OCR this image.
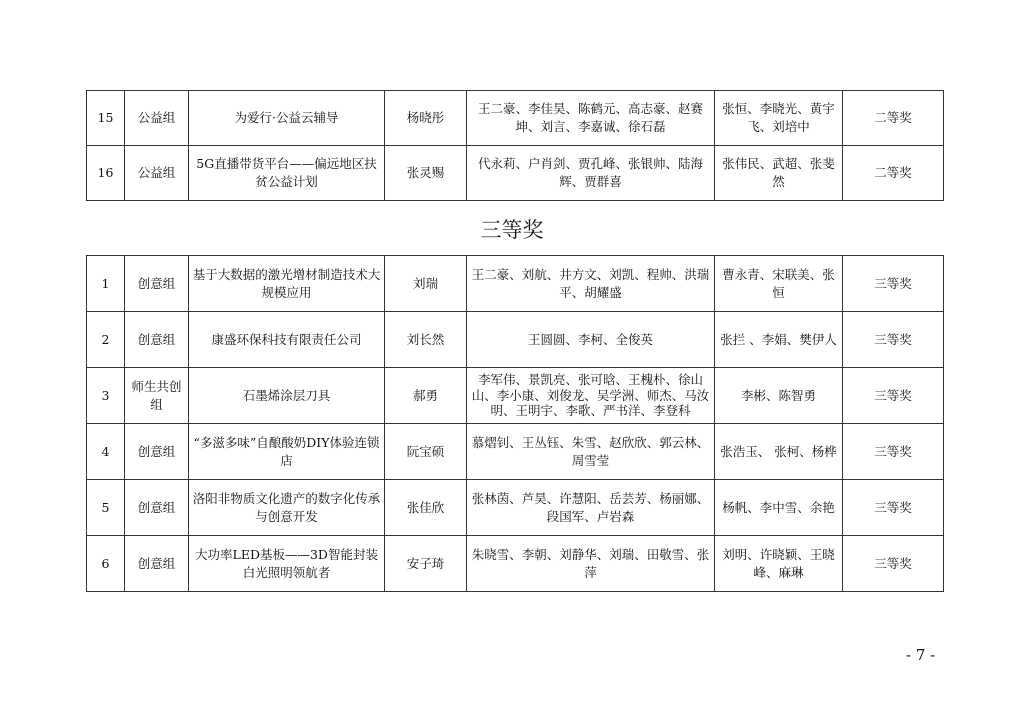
15	公益组	为爱行·公益云辅导	杨晓彤	王二豪、李佳昊、陈鹤元、高志豪、赵赛坤、刘言、李嘉诚、徐石磊	张恒、李晓光、黄宇飞、刘培中	二等奖
16	公益组	5G直播带货平台——偏远地区扶贫公益计划	张灵赐	代永莉、户肖剑、贾孔峰、张银帅、陆海辉、贾群喜	张伟民、武超、张斐然	二等奖
三等奖
1	创意组	基于大数据的激光增材制造技术大规模应用	刘瑞	王二豪、刘航、井方文、刘凯、程帅、洪瑞平、胡耀盛	曹永青、宋联美、张恒	三等奖
2	创意组	康盛环保科技有限责任公司	刘长然	王圆圆、李柯、全俊英	张拦 、李娟、樊伊人	三等奖
3	师生共创组	石墨烯涂层刀具	郝勇	李军伟、景凯亮、张可晗、王槐朴、徐山山、李小康、刘俊龙、吴学洲、师杰、马汝明、王明宇、李歌、严书洋、李登科	李彬、陈智勇	三等奖
4	创意组	“多滋多味”自酿酸奶DIY体验连锁店	阮宝硕	慕熠钊、王丛钰、朱雪、赵欣欣、郭云林、周雪莹	张浩玉、 张柯、杨桦	三等奖
5	创意组	洛阳非物质文化遗产的数字化传承与创意开发	张佳欣	张林茵、芦昊、许慧阳、岳芸芳、杨丽娜、段国军、卢岩森	杨帆、李中雪、余艳	三等奖
6	创意组	大功率LED基板——3D智能封装白光照明领航者	安子琦	朱晓雪、李朝、刘静华、刘瑞、田敬雪、张萍	刘明、许晓颖、王晓峰、麻琳	三等奖
- 7 -
